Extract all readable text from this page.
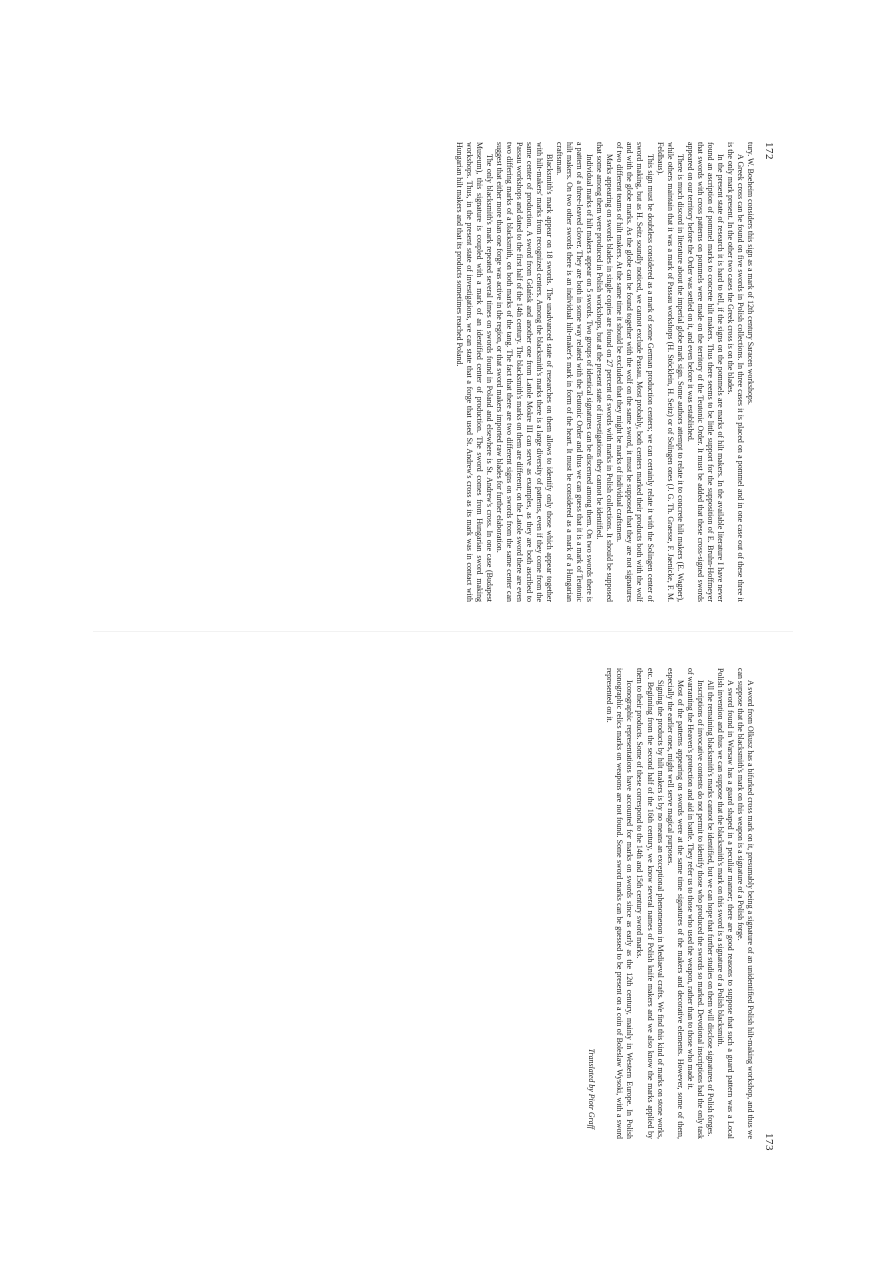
172

tury. W. Boeheim considers this sign as a mark of 12th century Saracen workshops.

A Greek cross can be found on five swords in Polish collections. In three cases it is placed on a pommel and in one case out of these three it is the only mark present. In the other two cases the Greek cross is on the blades.

In the present state of research it is hard to tell, if the signs on the pommels are marks of hilt makers. In the available literature I have never found an ascription of pommel marks to concrete hilt makers. Thus there seems to be little support for the supposition of E. Bruhn-Hoffmeyer that swords with cross patterns on pommels were made on the territory of the Teutonic Order. It must be added that these cross-signed swords appeared on our territory before the Order was settled on it, and even before it was established.

There is much discord in literature about the imperial globe mark sign. Some authors attempt to relate it to concrete hilt makers (E. Wagner), while others maintain that it was a mark of Passau workshops (H. Stöcklein, H. Seitz) or of Solingen ones (J. G. Th. Graesse, F. Jaenicke, F. M. Feldhaus).

This sign must be doubtless considered as a mark of some German production centers; we can certainly relate it with the Solingen center of sword making, but as H. Seitz soundly noticed, we cannot exclude Passau. Most probably, both centers marked their products both with the wolf and with the globe marks. As the globe can be found together with the wolf on the same sword, it must be supposed that they are not signatures of two different teams of hilt makers. At the same time it should be excluded that they might be marks of individual craftsmen.

Marks appearing on swords blades in single copies are found on 27 percent of swords with marks in Polish collections. It should be supposed that some among them were produced in Polish workshops, but at the present state of investigations they cannot be identified.

Individual marks of hilt makers appear on 5 swords. Two groups of identical signatures can be discerned among them. On two swords there is a pattern of a three-leaved clover. They are both in some way related with the Teutonic Order and thus we can guess that it is a mark of Teutonic hilt makers. On two other swords there is an individual hilt-maker's mark in form of the heart. It must be considered as a mark of a Hungarian craftsman.

Blacksmith's mark appear on 18 swords. The unadvanced state of researches on them allows to identify only those which appear together with hilt-makers' marks from recognized centers. Among the blacksmith's marks there is a large diversity of patterns, even if they come from the same center of production. A sword from Gdańsk and another one from Latole Mokre III can serve as examples, as they are both ascribed to Passau workshops and dated to the first half of the 14th century. The blacksmith's marks on them are different; on the Latole sword there are even two differing marks of a blacksmith, on both marks of the tang. The fact that there are two different signs on swords from the same center can suggest that either more than one forge was active in the region, or that sword makers imported raw blades for further elaboration.

The only blacksmith's mark repeated several times on swords found in Poland and elsewhere is St. Andrew's cross. In one case (Budapest Museum), this signature is coupled with a mark of an identified center of production. The sword comes from Hungarian sword making workshops. Thus, in the present state of investigations, we can state that a forge that used St. Andrew's cross as its mark was in contact with Hungarian hilt makers and that its products sometimes reached Poland.

173

A sword from Olkusz has a bifurked cross mark on it, presumably being a signature of an unidentified Polish hilt-making workshop, and thus we can suppose that the blacksmith's mark on this weapon is a signature of a Polish forge.

A sword found in Warsaw has a guard shaped in a peculiar manner; there are good reasons to suppose that such a guard pattern was a Local Polish invention and thus we can suppose that the blacksmith's mark on this sword is a signature of a Polish blacksmith.

All the remaining blacksmith's marks cannot be identified, but we can hope that further studies on them will disclose signatures of Polish forges.

Inscriptions of invocative contents do not permit to identify those who produced the swords so marked. Devotional inscriptions had the only task of warranting the Heaven's protection and aid in battle. They refer us to those who used the weapon, rather than to those who made it.

Most of the patterns appearing on swords were at the same time signatures of the makers and decorative elements. However, some of them, especially the earlier ones, might well serve magical purposes.

Signing the products by hilt makers is by no means an exceptional phenomenon in Mediaeval crafts. We find this kind of marks on stone works, etc. Beginning from the second half of the 16th century, we know several names of Polish knife makers and we also know the marks applied by them to their products. Some of these correspond to the 14th and 15th century sword marks.

Iconographic representations have accounted for marks on swords since as early as the 12th century, mainly in Western Europe. In Polish iconographic relics marks on weapons are not found. Some sword marks can be guessed to be present on a coin of Boleslaw Wysoki, with a sword represented on it.

Translated by Piotr Graff
